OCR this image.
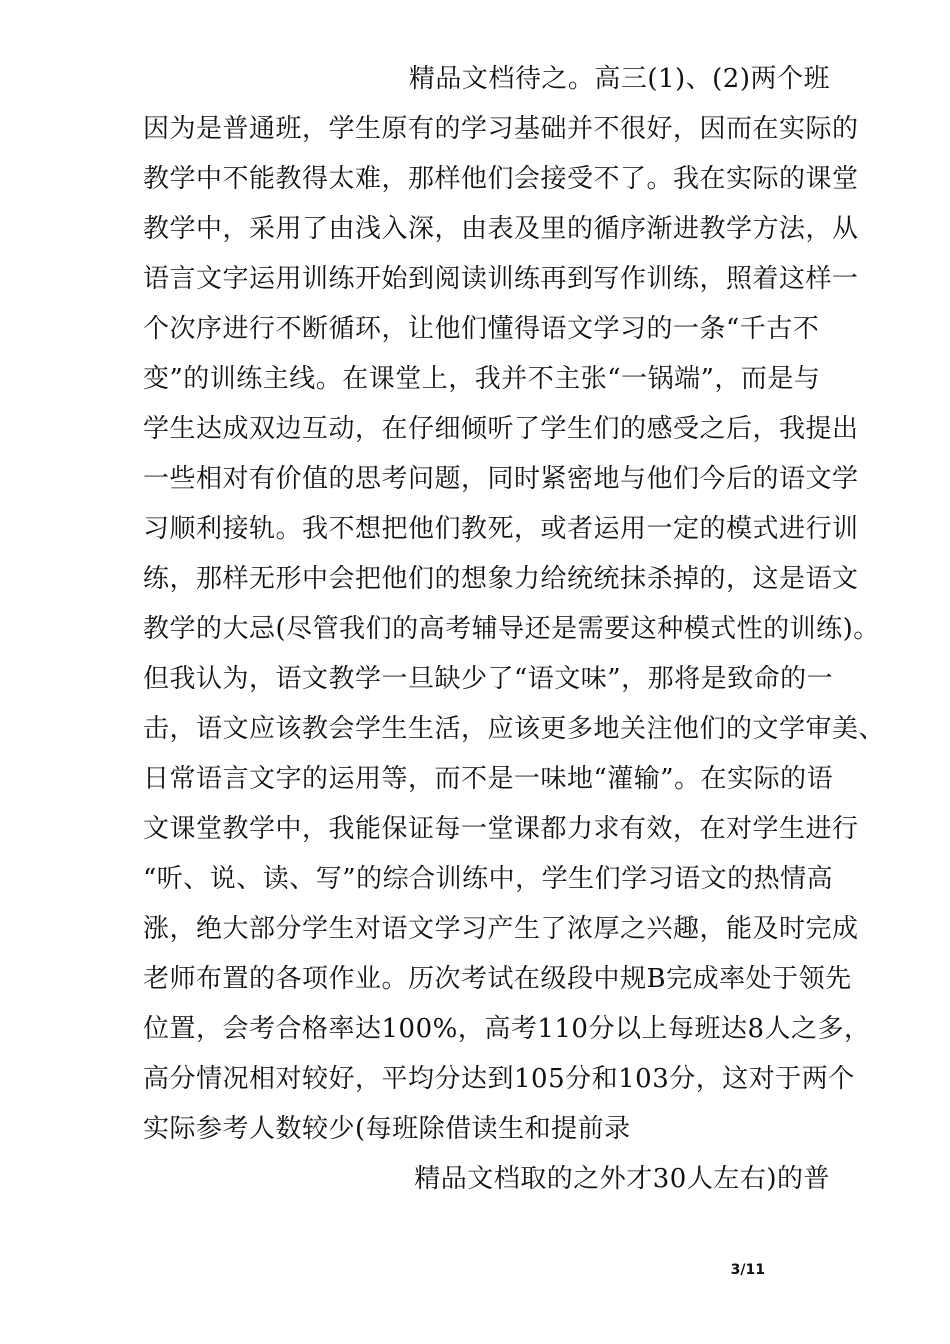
精品文档待之。高三(1)、(2)两个班
因为是普通班，学生原有的学习基础并不很好，因而在实际的
教学中不能教得太难，那样他们会接受不了。我在实际的课堂
教学中，采用了由浅入深，由表及里的循序渐进教学方法，从
语言文字运用训练开始到阅读训练再到写作训练，照着这样一
个次序进行不断循环，让他们懂得语文学习的一条“千古不
变”的训练主线。在课堂上，我并不主张“一锅端”，而是与
学生达成双边互动，在仔细倾听了学生们的感受之后，我提出
一些相对有价值的思考问题，同时紧密地与他们今后的语文学
习顺利接轨。我不想把他们教死，或者运用一定的模式进行训
练，那样无形中会把他们的想象力给统统抹杀掉的，这是语文
教学的大忌(尽管我们的高考辅导还是需要这种模式性的训练)。
但我认为，语文教学一旦缺少了“语文味”，那将是致命的一
击，语文应该教会学生生活，应该更多地关注他们的文学审美、
日常语言文字的运用等，而不是一味地“灌输”。在实际的语
文课堂教学中，我能保证每一堂课都力求有效，在对学生进行
“听、说、读、写”的综合训练中，学生们学习语文的热情高
涨，绝大部分学生对语文学习产生了浓厚之兴趣，能及时完成
老师布置的各项作业。历次考试在级段中规B完成率处于领先
位置，会考合格率达100%，高考110分以上每班达8人之多，
高分情况相对较好，平均分达到105分和103分，这对于两个
实际参考人数较少(每班除借读生和提前录
精品文档取的之外才30人左右)的普
3/11
